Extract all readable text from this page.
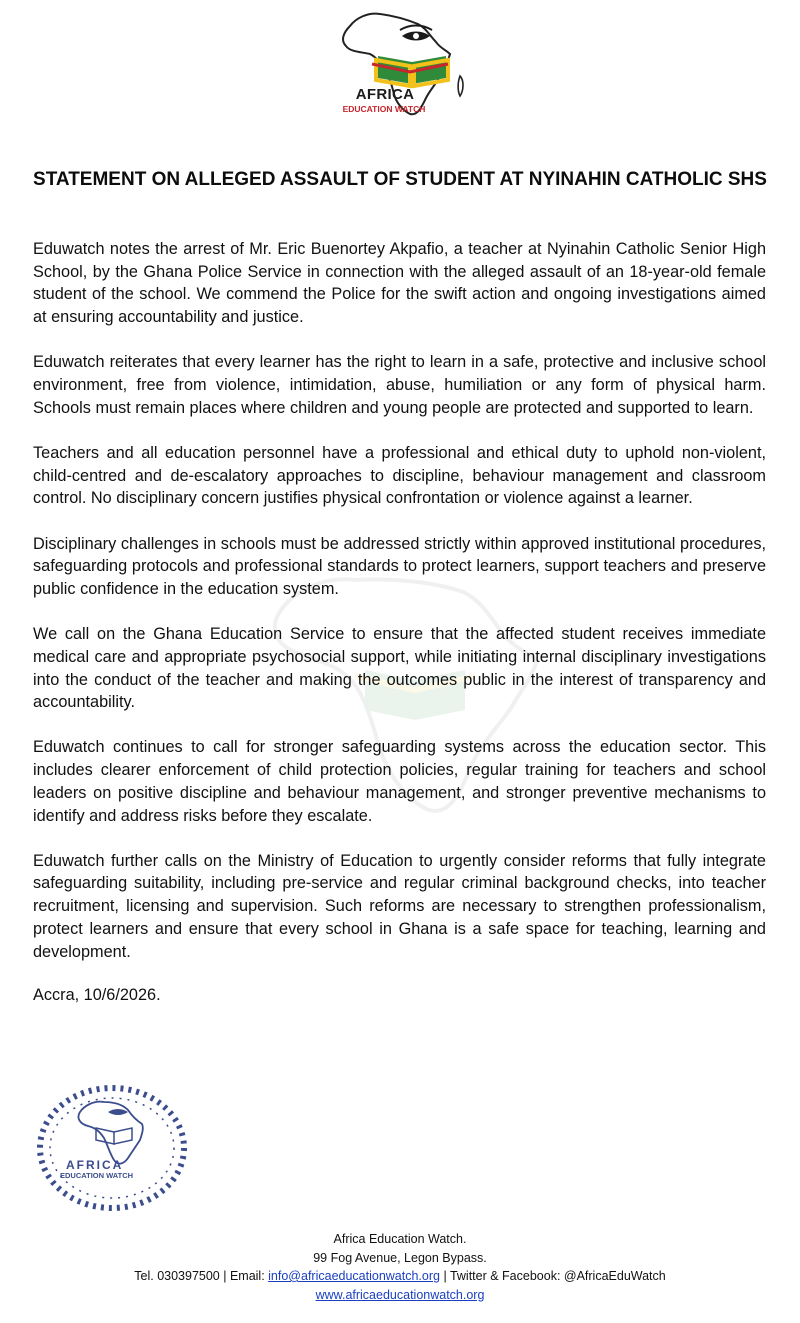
AFRICA
EDUCATION WATCH
STATEMENT ON ALLEGED ASSAULT OF STUDENT AT NYINAHIN CATHOLIC SHS

Eduwatch notes the arrest of Mr. Eric Buenortey Akpafio, a teacher at Nyinahin Catholic Senior High School, by the Ghana Police Service in connection with the alleged assault of an 18-year-old female student of the school. We commend the Police for the swift action and ongoing investigations aimed at ensuring accountability and justice.

Eduwatch reiterates that every learner has the right to learn in a safe, protective and inclusive school environment, free from violence, intimidation, abuse, humiliation or any form of physical harm. Schools must remain places where children and young people are protected and supported to learn.

Teachers and all education personnel have a professional and ethical duty to uphold non-violent, child-centred and de-escalatory approaches to discipline, behaviour management and classroom control. No disciplinary concern justifies physical confrontation or violence against a learner.

Disciplinary challenges in schools must be addressed strictly within approved institutional procedures, safeguarding protocols and professional standards to protect learners, support teachers and preserve public confidence in the education system.

We call on the Ghana Education Service to ensure that the affected student receives immediate medical care and appropriate psychosocial support, while initiating internal disciplinary investigations into the conduct of the teacher and making the outcomes public in the interest of transparency and accountability.

Eduwatch continues to call for stronger safeguarding systems across the education sector. This includes clearer enforcement of child protection policies, regular training for teachers and school leaders on positive discipline and behaviour management, and stronger preventive mechanisms to identify and address risks before they escalate.

Eduwatch further calls on the Ministry of Education to urgently consider reforms that fully integrate safeguarding suitability, including pre-service and regular criminal background checks, into teacher recruitment, licensing and supervision. Such reforms are necessary to strengthen professionalism, protect learners and ensure that every school in Ghana is a safe space for teaching, learning and development.

Accra, 10/6/2026.
AFRICA
EDUCATION WATCH
Africa Education Watch.
99 Fog Avenue, Legon Bypass.
Tel. 030397500 | Email: info@africaeducationwatch.org | Twitter & Facebook: @AfricaEduWatch
www.africaeducationwatch.org
